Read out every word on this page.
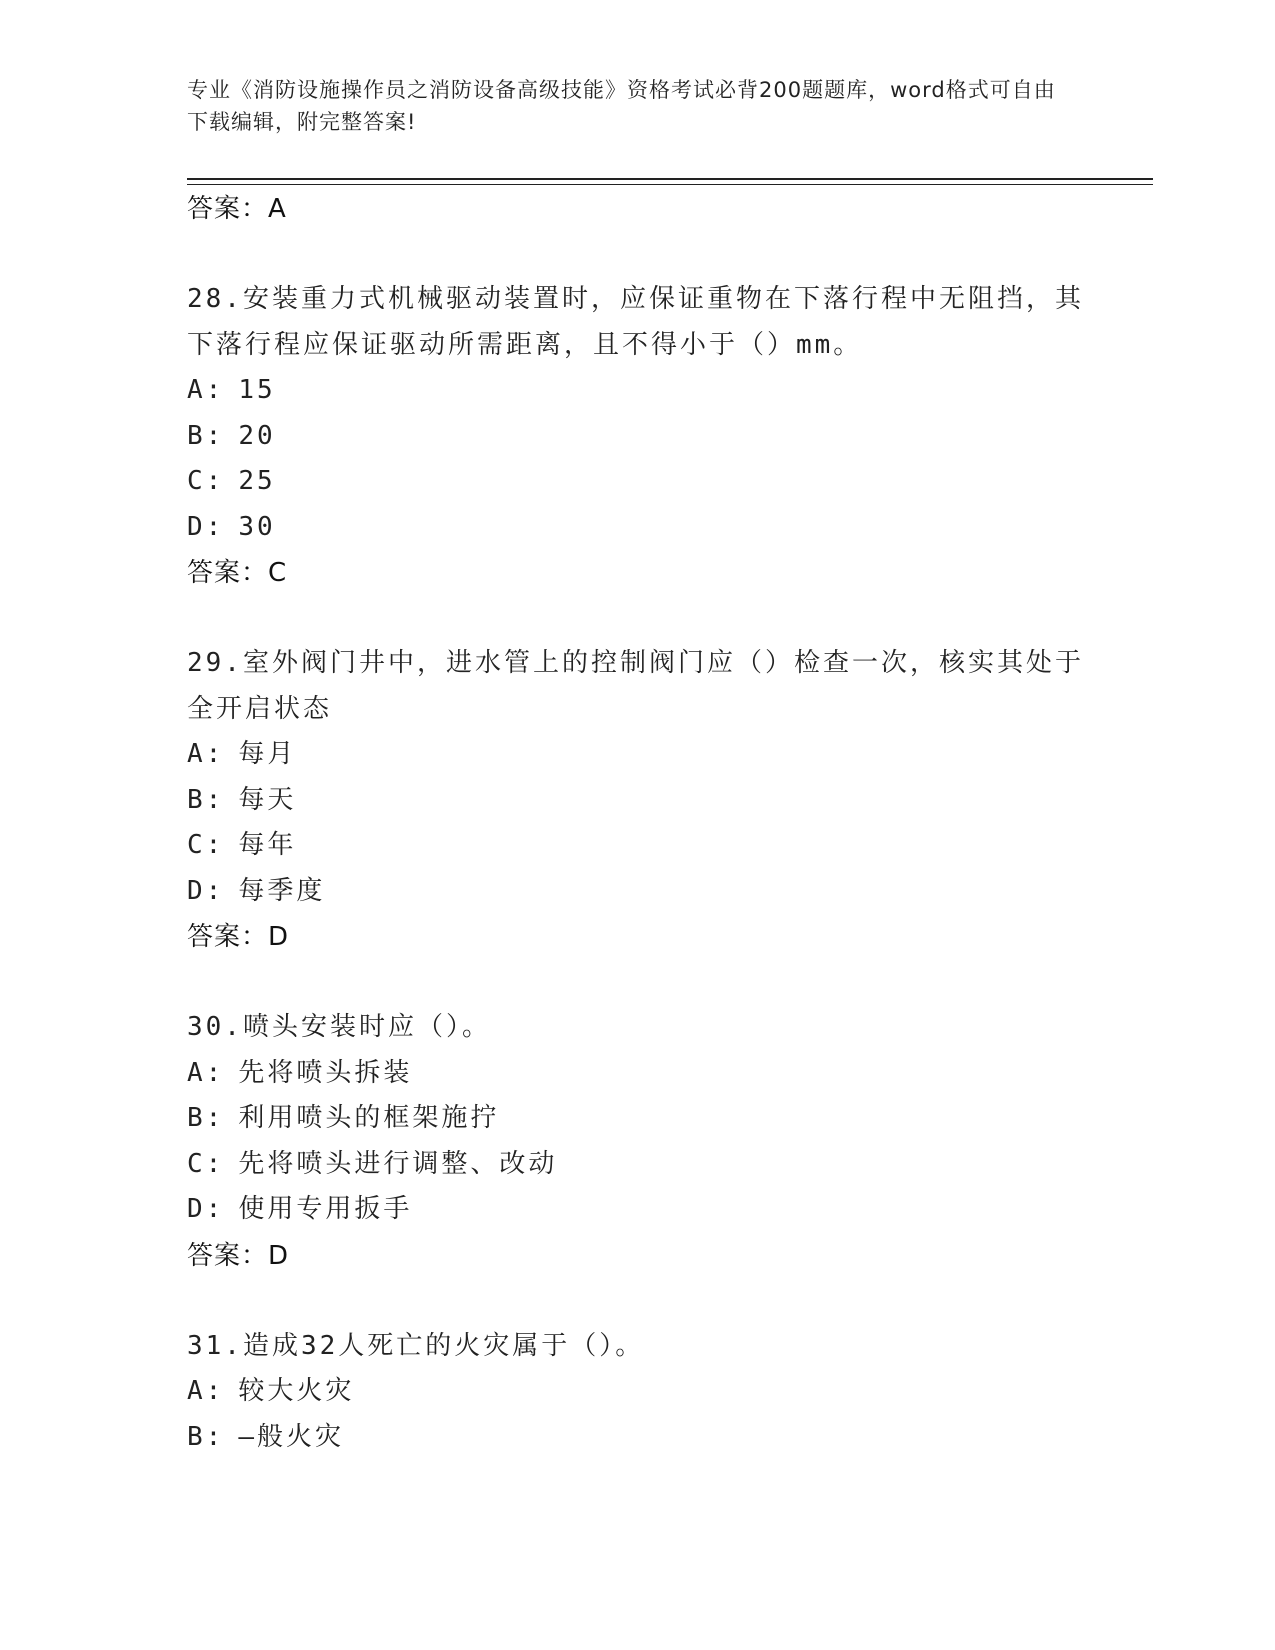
专业《消防设施操作员之消防设备高级技能》资格考试必背200题题库，word格式可自由下载编辑，附完整答案!
答案：A
28.安装重力式机械驱动装置时，应保证重物在下落行程中无阻挡，其下落行程应保证驱动所需距离，且不得小于（）mm。
A: 15
B: 20
C: 25
D: 30
答案：C
29.室外阀门井中，进水管上的控制阀门应（）检查一次，核实其处于全开启状态
A: 每月
B: 每天
C: 每年
D: 每季度
答案：D
30.喷头安装时应（）。
A: 先将喷头拆装
B: 利用喷头的框架施拧
C: 先将喷头进行调整、改动
D: 使用专用扳手
答案：D
31.造成32人死亡的火灾属于（）。
A: 较大火灾
B: —般火灾
